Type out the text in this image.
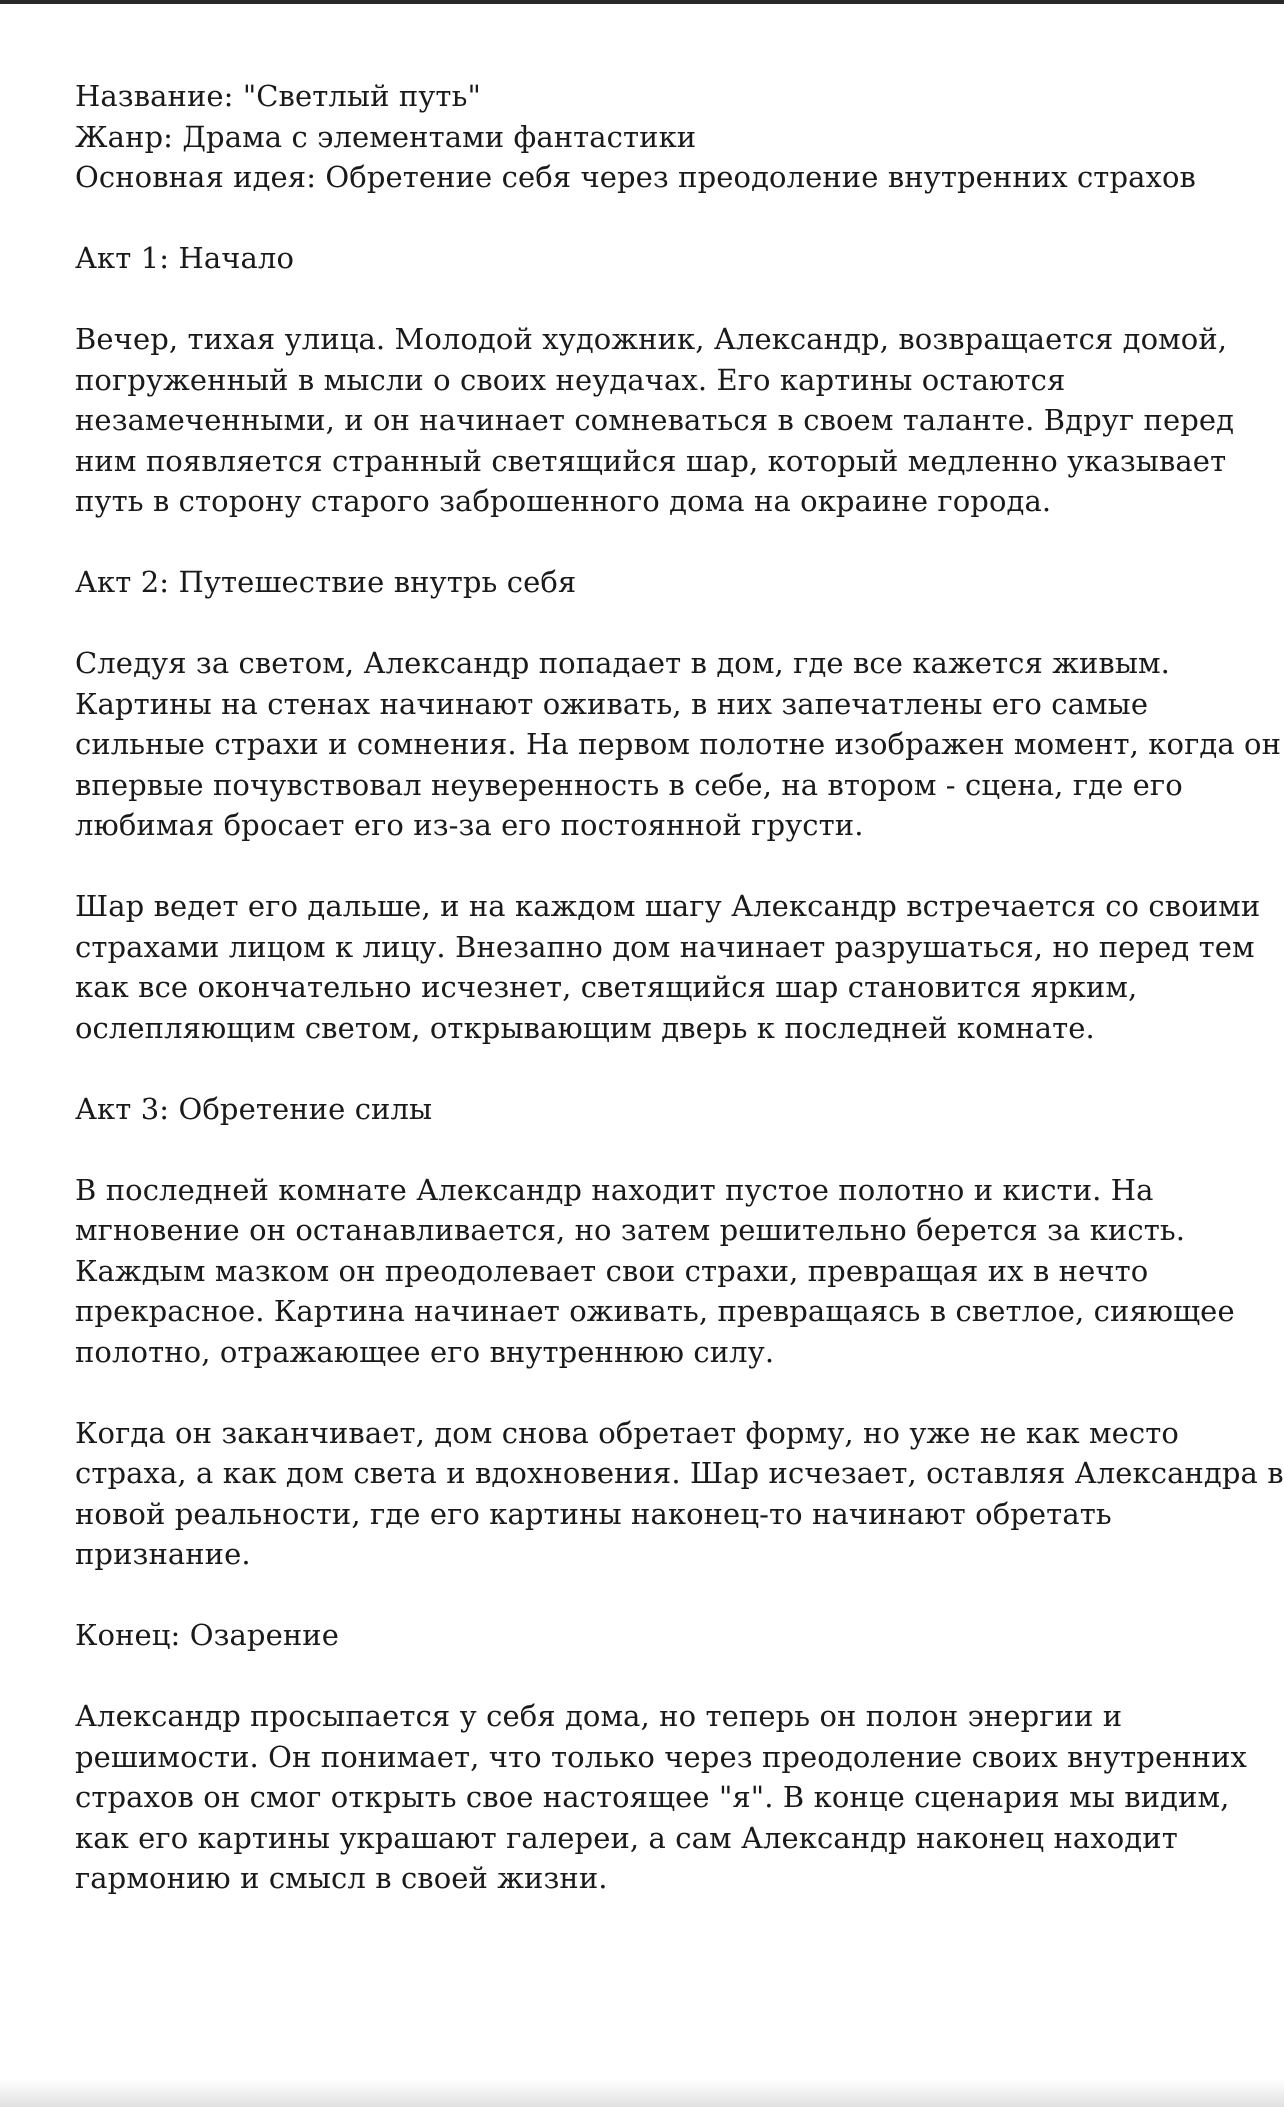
Название: "Светлый путь"
Жанр: Драма с элементами фантастики
Основная идея: Обретение себя через преодоление внутренних страхов

Акт 1: Начало

Вечер, тихая улица. Молодой художник, Александр, возвращается домой,
погруженный в мысли о своих неудачах. Его картины остаются
незамеченными, и он начинает сомневаться в своем таланте. Вдруг перед
ним появляется странный светящийся шар, который медленно указывает
путь в сторону старого заброшенного дома на окраине города.

Акт 2: Путешествие внутрь себя

Следуя за светом, Александр попадает в дом, где все кажется живым.
Картины на стенах начинают оживать, в них запечатлены его самые
сильные страхи и сомнения. На первом полотне изображен момент, когда он
впервые почувствовал неуверенность в себе, на втором - сцена, где его
любимая бросает его из-за его постоянной грусти.

Шар ведет его дальше, и на каждом шагу Александр встречается со своими
страхами лицом к лицу. Внезапно дом начинает разрушаться, но перед тем
как все окончательно исчезнет, светящийся шар становится ярким,
ослепляющим светом, открывающим дверь к последней комнате.

Акт 3: Обретение силы

В последней комнате Александр находит пустое полотно и кисти. На
мгновение он останавливается, но затем решительно берется за кисть.
Каждым мазком он преодолевает свои страхи, превращая их в нечто
прекрасное. Картина начинает оживать, превращаясь в светлое, сияющее
полотно, отражающее его внутреннюю силу.

Когда он заканчивает, дом снова обретает форму, но уже не как место
страха, а как дом света и вдохновения. Шар исчезает, оставляя Александра в
новой реальности, где его картины наконец-то начинают обретать
признание.

Конец: Озарение

Александр просыпается у себя дома, но теперь он полон энергии и
решимости. Он понимает, что только через преодоление своих внутренних
страхов он смог открыть свое настоящее "я". В конце сценария мы видим,
как его картины украшают галереи, а сам Александр наконец находит
гармонию и смысл в своей жизни.
